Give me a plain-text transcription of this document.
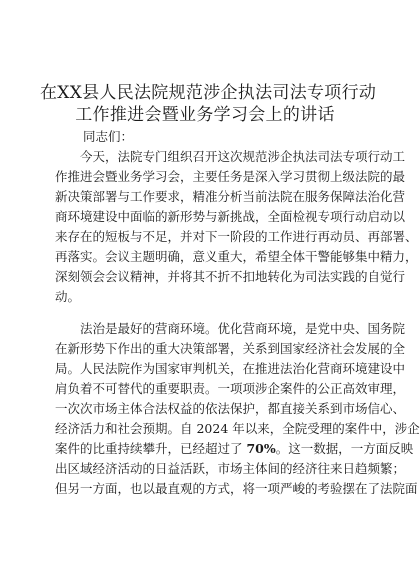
在XX县人民法院规范涉企执法司法专项行动
工作推进会暨业务学习会上的讲话
同志们：
今天，法院专门组织召开这次规范涉企执法司法专项行动工
作推进会暨业务学习会，主要任务是深入学习贯彻上级法院的最
新决策部署与工作要求，精准分析当前法院在服务保障法治化营
商环境建设中面临的新形势与新挑战，全面检视专项行动启动以
来存在的短板与不足，并对下一阶段的工作进行再动员、再部署、
再落实。会议主题明确，意义重大，希望全体干警能够集中精力，
深刻领会会议精神，并将其不折不扣地转化为司法实践的自觉行
动。
法治是最好的营商环境。优化营商环境，是党中央、国务院
在新形势下作出的重大决策部署，关系到国家经济社会发展的全
局。人民法院作为国家审判机关，在推进法治化营商环境建设中
肩负着不可替代的重要职责。一项项涉企案件的公正高效审理，
一次次市场主体合法权益的依法保护，都直接关系到市场信心、
经济活力和社会预期。自 2024 年以来，全院受理的案件中，涉企
案件的比重持续攀升，已经超过了 70%。这一数据，一方面反映
出区域经济活动的日益活跃，市场主体间的经济往来日趋频繁；
但另一方面，也以最直观的方式，将一项严峻的考验摆在了法院面
